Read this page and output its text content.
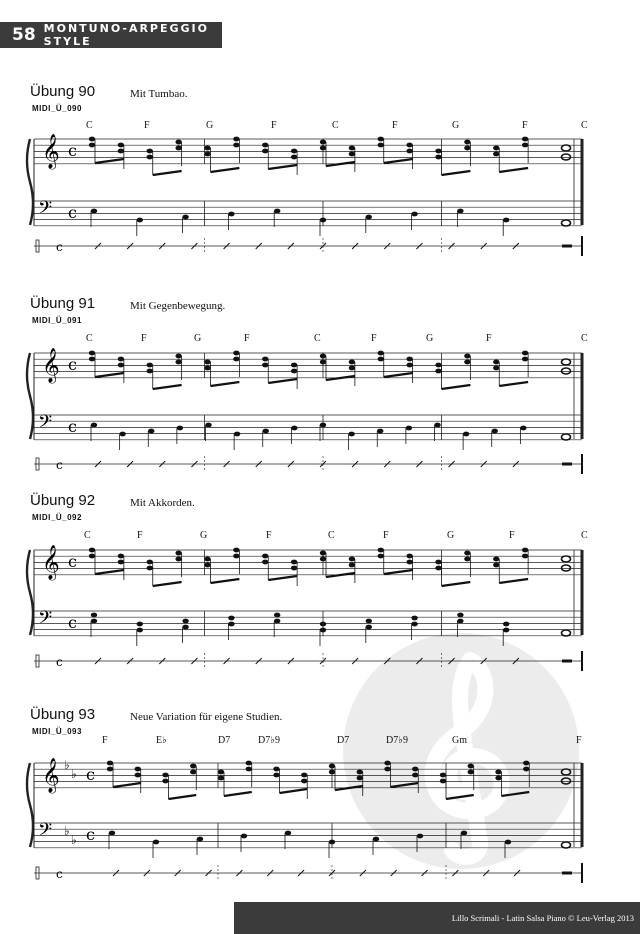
58 MONTUNO-ARPEGGIO STYLE
Übung 90
MIDI_Ü_090
Mit Tumbao.
Übung 91
MIDI_Ü_091
Mit Gegenbewegung.
Übung 92
MIDI_Ü_092
Mit Akkorden.
Übung 93
MIDI_Ü_093
Neue Variation für eigene Studien.
C	F	G	F	C	F	G	F	C
C	F	G	F	C	F	G	F	C
C	F	G	F	C	F	G	F	C
F	E♭	D7	D7♭9	D7	D7♭9	Gm	F
𝄞
𝄢
c
c
c
𝄞
𝄢
c
c
c
𝄞
𝄢
c
c
c
𝄞
𝄢
♭
♭
♭
♭
c
c
c
Lillo Scrimali - Latin Salsa Piano © Leu-Verlag 2013
